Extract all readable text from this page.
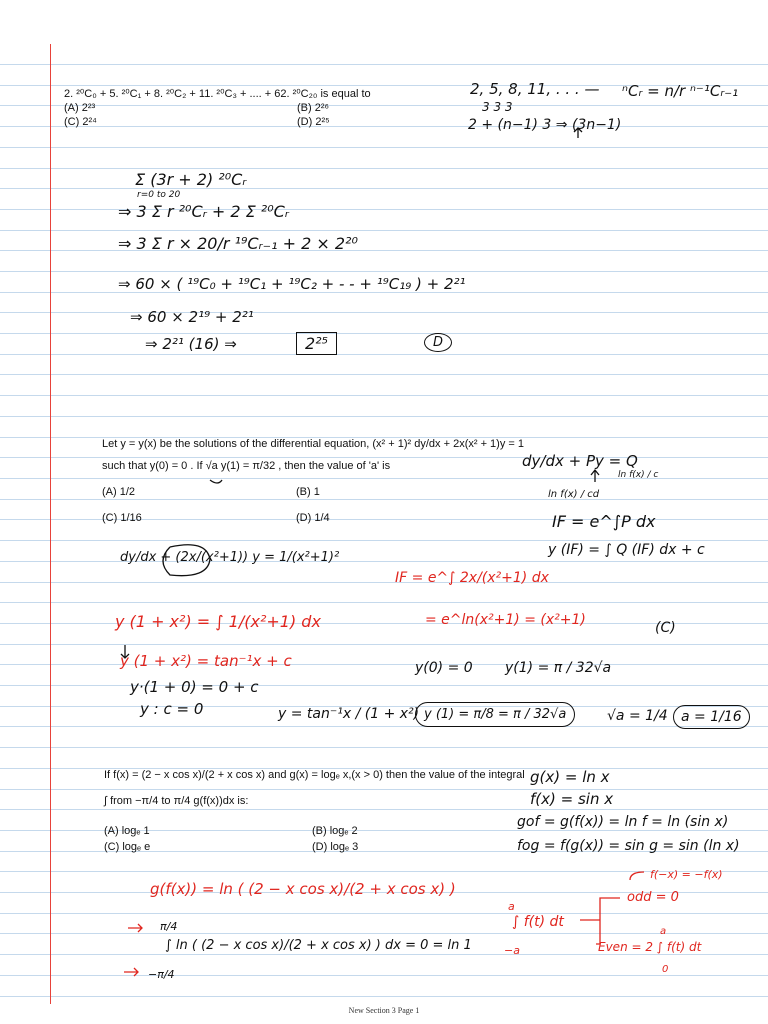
2. ²⁰C₀ + 5. ²⁰C₁ + 8. ²⁰C₂ + 11. ²⁰C₃ + .... + 62. ²⁰C₂₀ is equal to
(A) 2²³	(B) 2²⁶
(C) 2²⁴	(D) 2²⁵
2, 5, 8, 11, . . . —
3 3 3
2 + (n−1) 3 ⇒ (3n−1)
ⁿCᵣ = n/r ⁿ⁻¹Cᵣ₋₁
Σ (3r + 2) ²⁰Cᵣ
r=0 to 20
⇒ 3 Σ r ²⁰Cᵣ + 2 Σ ²⁰Cᵣ
⇒ 3 Σ r × 20/r ¹⁹Cᵣ₋₁ + 2 × 2²⁰
⇒ 60 × ( ¹⁹C₀ + ¹⁹C₁ + ¹⁹C₂ + - - + ¹⁹C₁₉ ) + 2²¹
⇒ 60 × 2¹⁹ + 2²¹
⇒ 2²¹ (16) ⇒	2²⁵	D
Let y = y(x) be the solutions of the differential equation, (x² + 1)² dy/dx + 2x(x² + 1)y = 1
such that y(0) = 0 . If √a y(1) = π/32 , then the value of 'a' is
(A) 1/2	(B) 1
(C) 1/16	(D) 1/4
dy/dx + Py = Q
ln f(x) / c
ln f(x) / cd
IF = e^∫P dx
y (IF) = ∫ Q (IF) dx + c
dy/dx + (2x/(x²+1)) y = 1/(x²+1)²
IF = e^∫ 2x/(x²+1) dx
y (1 + x²) = ∫ 1/(x²+1) dx	= e^ln(x²+1) = (x²+1)	(C)
y (1 + x²) = tan⁻¹x + c	y(0) = 0 y(1) = π / 32√a
y·(1 + 0) = 0 + c
y : c = 0	y = tan⁻¹x / (1 + x²) y (1) = π/8 = π / 32√a	√a = 1/4 a = 1/16
If f(x) = (2 − x cos x)/(2 + x cos x) and g(x) = logₑ x,(x > 0) then the value of the integral
∫ from −π/4 to π/4 g(f(x))dx is:
(A) logₑ 1	(B) logₑ 2
(C) logₑ e	(D) logₑ 3
g(x) = ln x
f(x) = sin x
gof = g(f(x)) = ln f = ln (sin x)
fog = f(g(x)) = sin g = sin (ln x)
g(f(x)) = ln ( (2 − x cos x)/(2 + x cos x) )
π/4
∫ ln ( (2 − x cos x)/(2 + x cos x) ) dx = 0 = ln 1
−π/4
f(−x) = −f(x)
odd = 0
a
∫ f(t) dt
−a
a
Even = 2 ∫ f(t) dt
0
New Section 3 Page 1
